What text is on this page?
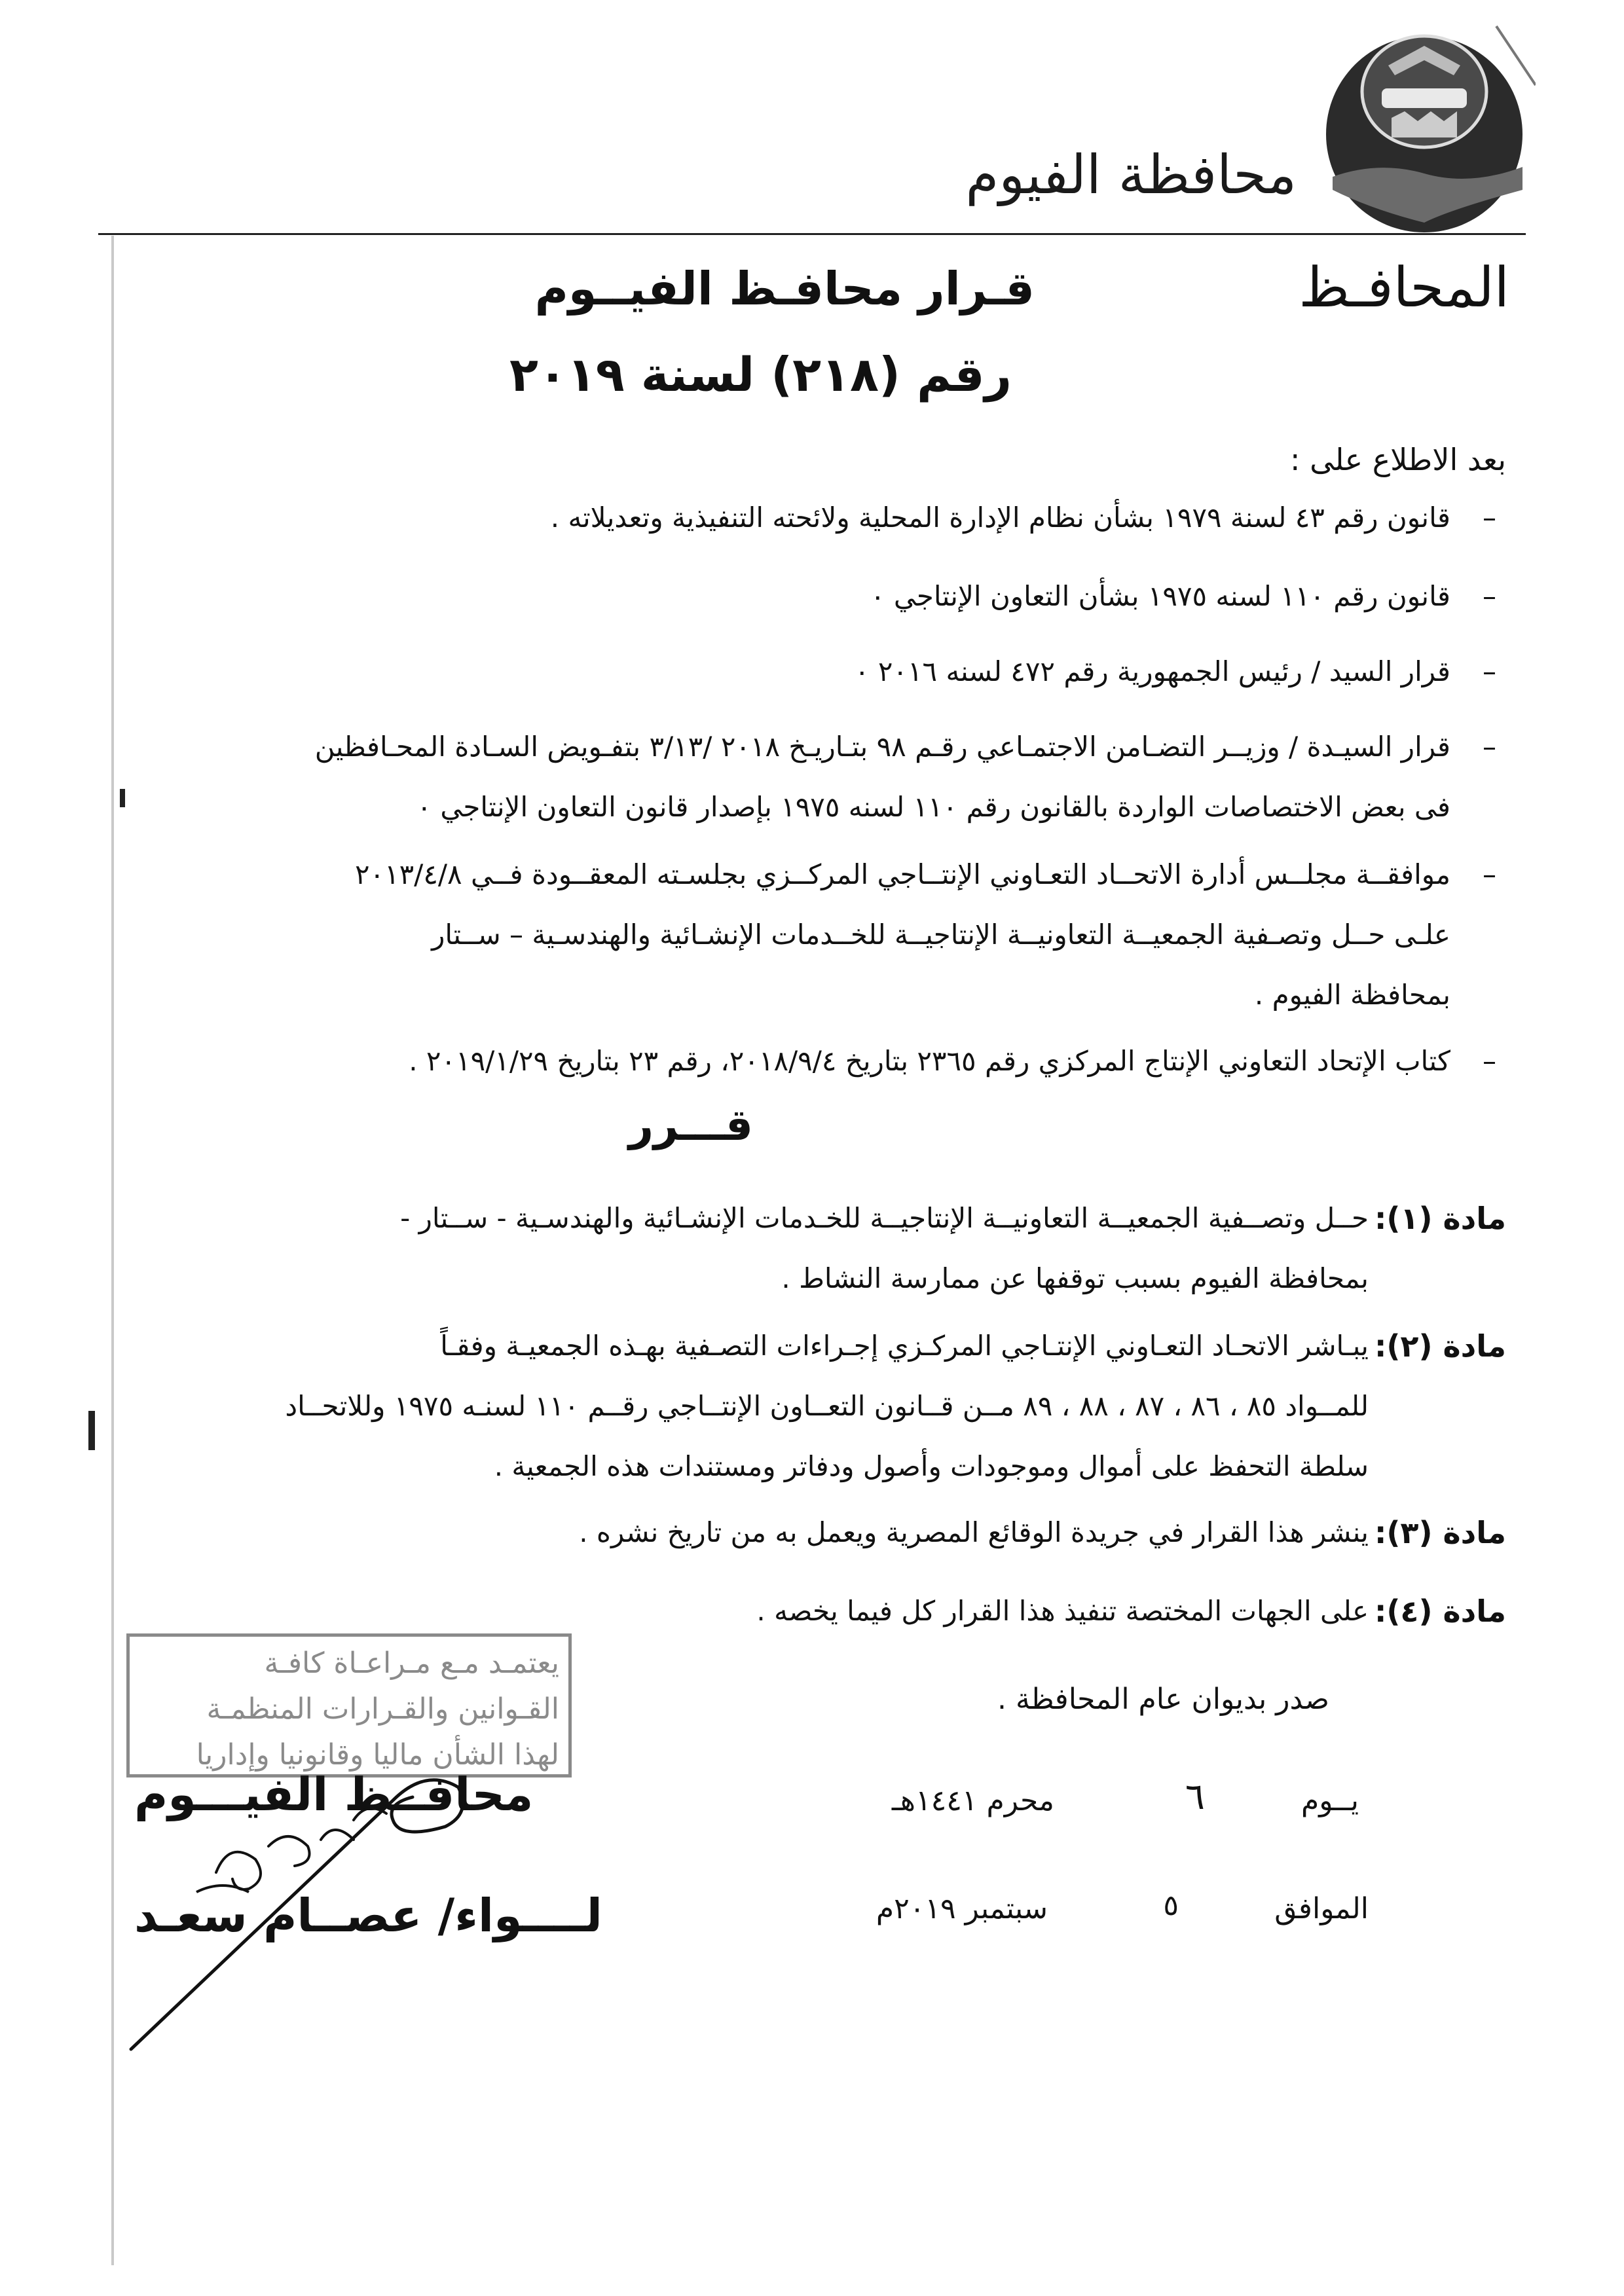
محافظة الفيوم
المحافـظ
قـرار محافـظ الفيــوم
رقم (٢١٨) لسنة ٢٠١٩
بعد الاطلاع على :
–
قانون رقم ٤٣ لسنة ١٩٧٩ بشأن نظام الإدارة المحلية ولائحته التنفيذية وتعديلاته .
–
قانون رقم ١١٠ لسنه ١٩٧٥ بشأن التعاون الإنتاجي ٠
–
قرار السيد / رئيس الجمهورية رقم ٤٧٢ لسنه ٢٠١٦ ٠
–
قرار السيـدة / وزيــر التضـامن الاجتمـاعي رقـم ٩٨ بتـاريـخ ٢٠١٨ /٣/١٣ بتفـويض السـادة المحـافظين
فى بعض الاختصاصات الواردة بالقانون رقم ١١٠ لسنه ١٩٧٥ بإصدار قانون التعاون الإنتاجي ٠
–
موافقــة مجلــس أدارة الاتحــاد التعـاوني الإنتــاجي المركــزي بجلسـته المعقــودة فــي ٢٠١٣/٤/٨
علـى حــل وتصـفية الجمعيــة التعاونيــة الإنتاجيــة للخــدمات الإنشـائية والهندسـية – ســتار
بمحافظة الفيوم .
–
كتاب الإتحاد التعاوني الإنتاج المركزي رقم ٢٣٦٥ بتاريخ ٢٠١٨/٩/٤، رقم ٢٣ بتاريخ ٢٠١٩/١/٢٩ .
قـــرر
مادة (١):
حــل وتصــفية الجمعيــة التعاونيــة الإنتاجيــة للخـدمات الإنشـائية والهندسـية - ســتار -
بمحافظة الفيوم بسبب توقفها عن ممارسة النشاط .
مادة (٢):
يبـاشر الاتحـاد التعـاوني الإنتـاجي المركـزي إجـراءات التصـفية بهـذه الجمعيـة وفقـاً
للمــواد ٨٥ ، ٨٦ ، ٨٧ ، ٨٨ ، ٨٩ مــن قــانون التعــاون الإنتــاجي رقــم ١١٠ لسنـه ١٩٧٥ وللاتحــاد
سلطة التحفظ على أموال وموجودات وأصول ودفاتر ومستندات هذه الجمعية .
مادة (٣):
ينشر هذا القرار في جريدة الوقائع المصرية ويعمل به من تاريخ نشره .
مادة (٤):
على الجهات المختصة تنفيذ هذا القرار كل فيما يخصه .
صدر بديوان عام المحافظة .
يــوم
٦
محرم ١٤٤١هـ
الموافق
٥
سبتمبر ٢٠١٩م
يعتمـد مـع مـراعـاة كافـة
القـوانين والقـرارات المنظمـة
لهذا الشأن ماليا وقانونيا وإداريا
محافــظ الفيـــوم
لــــواء/ عصــام سعـد
